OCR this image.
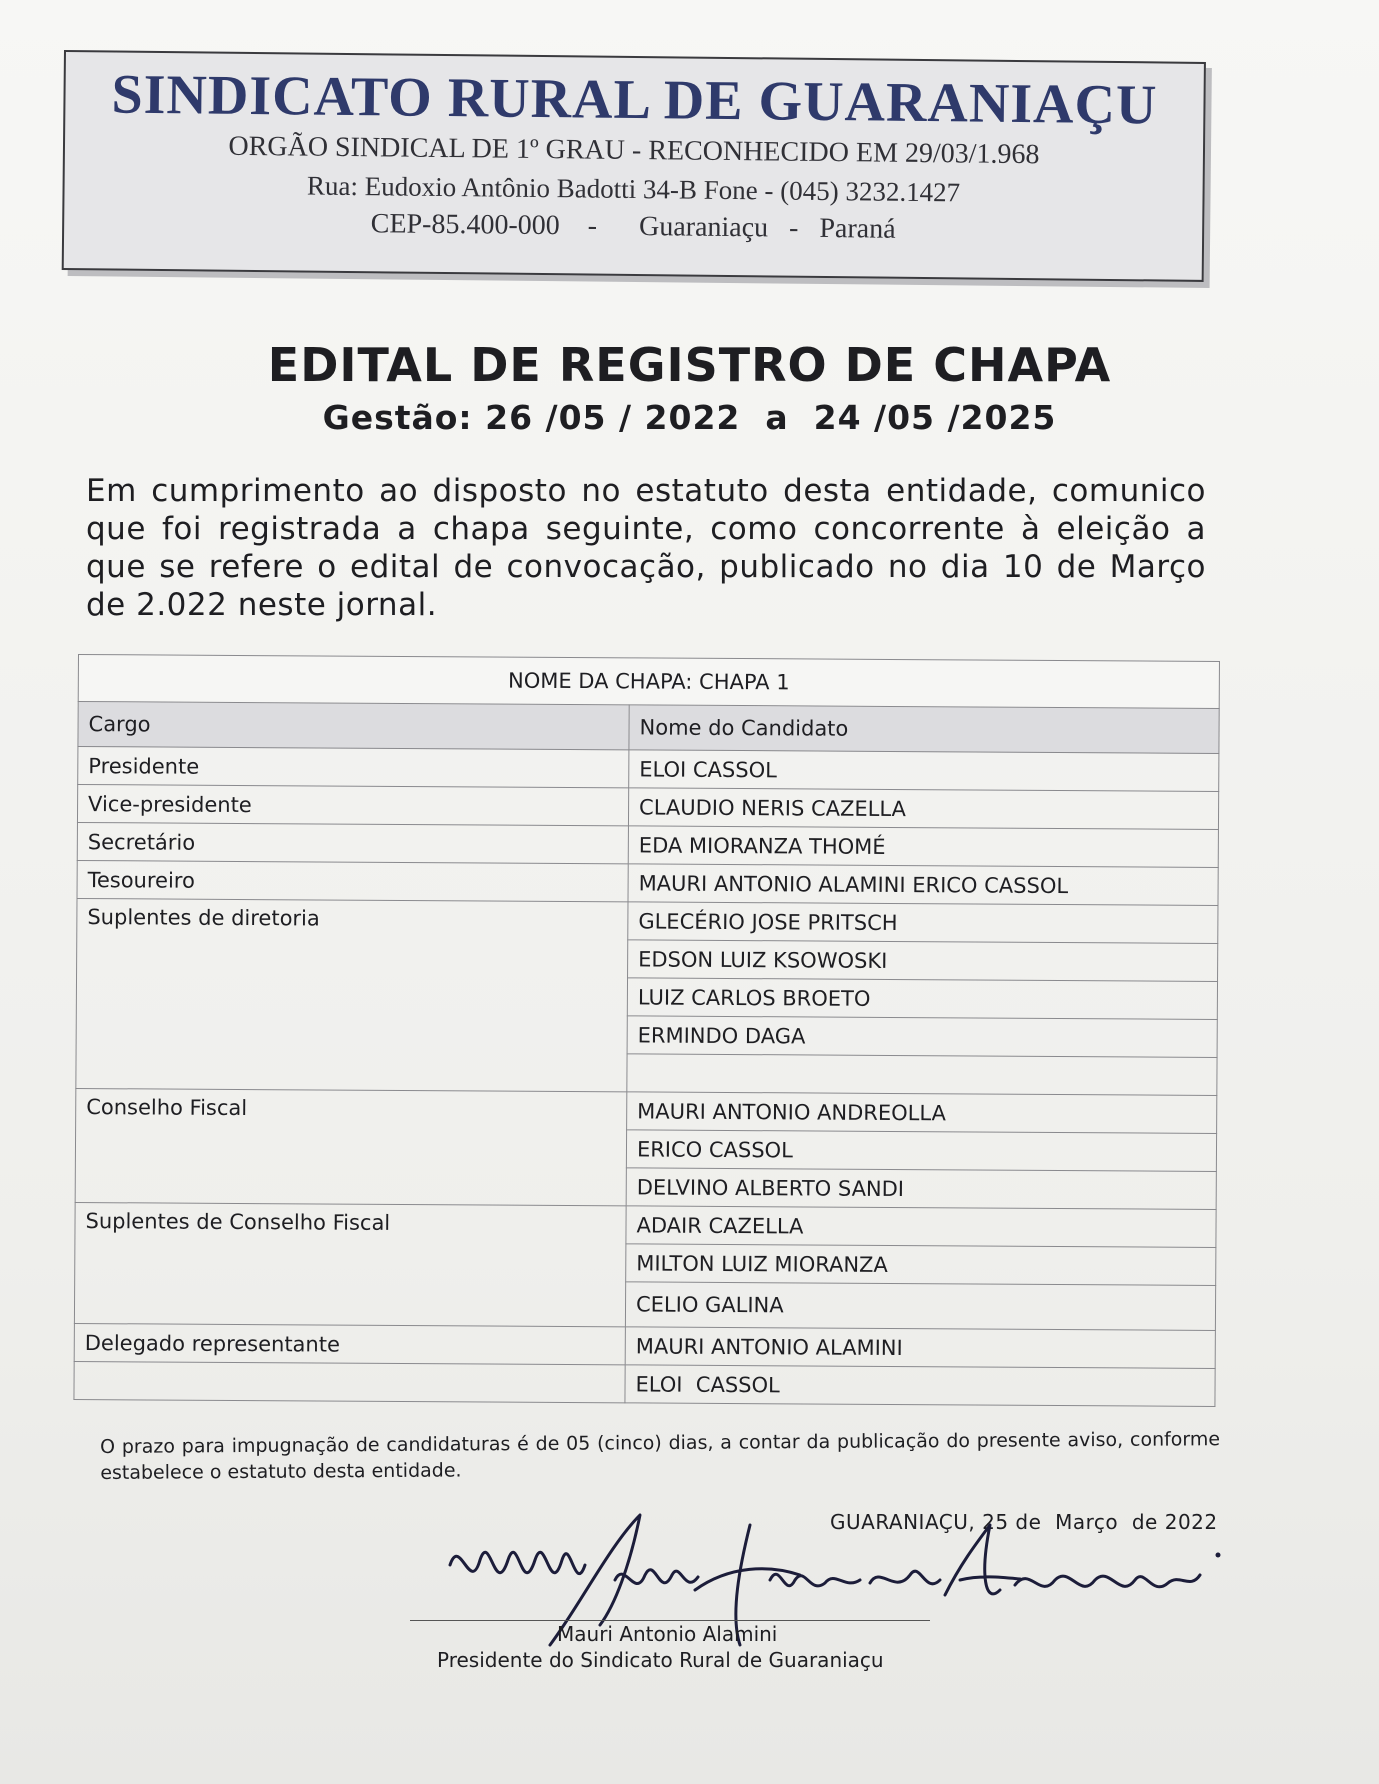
SINDICATO RURAL DE GUARANIAÇU
ORGÃO SINDICAL DE 1º GRAU - RECONHECIDO EM 29/03/1.968
Rua: Eudoxio Antônio Badotti 34-B Fone - (045) 3232.1427
CEP-85.400-000    -      Guaraniaçu   -   Paraná
EDITAL DE REGISTRO DE CHAPA
Gestão: 26 /05 / 2022  a  24 /05 /2025
Em cumprimento ao disposto no estatuto desta entidade, comunico que foi registrada a chapa seguinte, como concorrente à eleição a que se refere o edital de convocação, publicado no dia 10 de Março de 2.022 neste jornal.
NOME DA CHAPA: CHAPA 1	
Cargo	Nome do Candidato
Presidente	ELOI CASSOL
Vice-presidente	CLAUDIO NERIS CAZELLA
Secretário	EDA MIORANZA THOMÉ
Tesoureiro	MAURI ANTONIO ALAMINI ERICO CASSOL
Suplentes de diretoria	GLECÉRIO JOSE PRITSCH
	EDSON LUIZ KSOWOSKI
	LUIZ CARLOS BROETO
	ERMINDO DAGA

Conselho Fiscal	MAURI ANTONIO ANDREOLLA
	ERICO CASSOL
	DELVINO ALBERTO SANDI
Suplentes de Conselho Fiscal	ADAIR CAZELLA
	MILTON LUIZ MIORANZA
	CELIO GALINA
Delegado representante	MAURI ANTONIO ALAMINI
	ELOI  CASSOL
O prazo para impugnação de candidaturas é de 05 (cinco) dias, a contar da publicação do presente aviso, conforme estabelece o estatuto desta entidade.
GUARANIAÇU, 25 de  Março  de 2022
Mauri Antonio Alamini
Presidente do Sindicato Rural de Guaraniaçu
